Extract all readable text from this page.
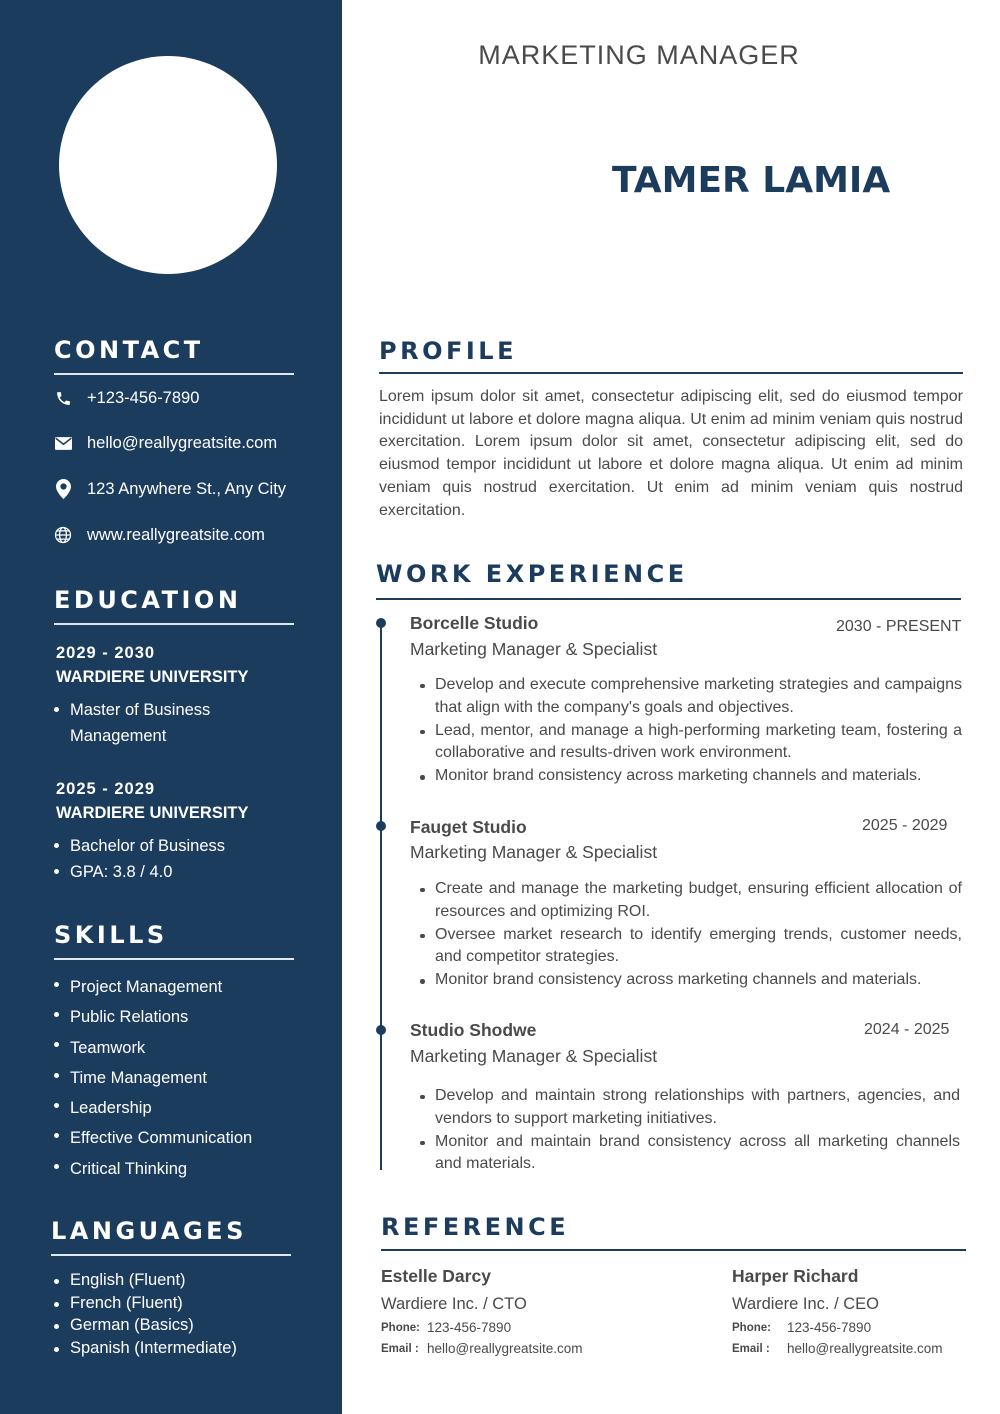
CONTACT
+123-456-7890
hello@reallygreatsite.com
123 Anywhere St., Any City
www.reallygreatsite.com
EDUCATION
2029 - 2030
WARDIERE UNIVERSITY
Master of Business Management
2025 - 2029
WARDIERE UNIVERSITY
Bachelor of Business
GPA: 3.8 / 4.0
SKILLS
Project Management
Public Relations
Teamwork
Time Management
Leadership
Effective Communication
Critical Thinking
LANGUAGES
English (Fluent)
French (Fluent)
German (Basics)
Spanish (Intermediate)
MARKETING MANAGER
TAMER LAMIA
PROFILE
Lorem ipsum dolor sit amet, consectetur adipiscing elit, sed do eiusmod tempor incididunt ut labore et dolore magna aliqua. Ut enim ad minim veniam quis nostrud exercitation. Lorem ipsum dolor sit amet, consectetur adipiscing elit, sed do eiusmod tempor incididunt ut labore et dolore magna aliqua. Ut enim ad minim veniam quis nostrud exercitation. Ut enim ad minim veniam quis nostrud exercitation.
WORK EXPERIENCE
Borcelle Studio	2030 - PRESENT
Marketing Manager & Specialist
Develop and execute comprehensive marketing strategies and campaigns that align with the company's goals and objectives.
Lead, mentor, and manage a high-performing marketing team, fostering a collaborative and results-driven work environment.
Monitor brand consistency across marketing channels and materials.
Fauget Studio	2025 - 2029
Marketing Manager & Specialist
Create and manage the marketing budget, ensuring efficient allocation of resources and optimizing ROI.
Oversee market research to identify emerging trends, customer needs, and competitor strategies.
Monitor brand consistency across marketing channels and materials.
Studio Shodwe	2024 - 2025
Marketing Manager & Specialist
Develop and maintain strong relationships with partners, agencies, and vendors to support marketing initiatives.
Monitor and maintain brand consistency across all marketing channels and materials.
REFERENCE
Estelle Darcy
Wardiere Inc. / CTO
Phone: 123-456-7890
Email : hello@reallygreatsite.com
Harper Richard
Wardiere Inc. / CEO
Phone: 123-456-7890
Email : hello@reallygreatsite.com
